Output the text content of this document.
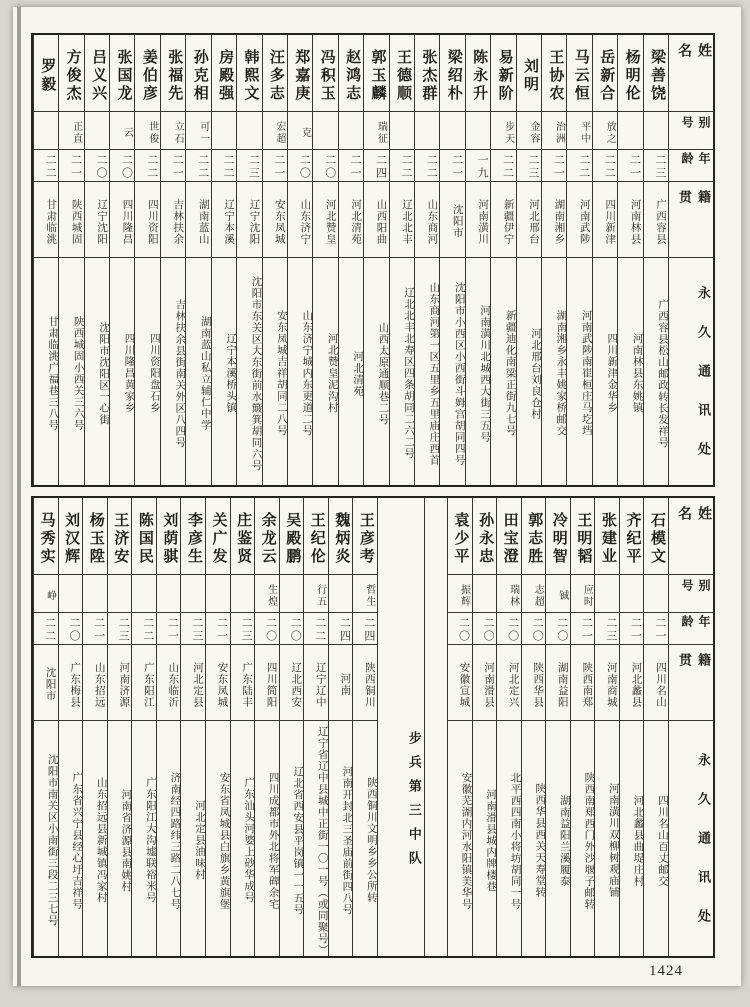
姓名
别号
年龄
籍贯
永久通讯处
梁善饶
二三
广西容县
广西容县松山邮政转长发祥号
杨明伦
二一
河南林县
河南林县东姚镇
岳新合
放之
二二
四川新津
四川新津金华乡
马云恒
平中
二二
河南武陟
河南武陟南崔桓庄马圪垱
王协农
治洲
二一
湖南湘乡
湖南湘乡永丰姚家桥邮交
刘明
金容
二三
河北邢台
河北邢台刘良仓村
易新阶
步天
二二
新疆伊宁
新疆迪化南梁正街九七号
陈永升
一九
河南潢川
河南潢川北城西大街三五号
梁绍朴
二一
沈阳市
沈阳市小西区小西街斗姆宫胡同四号
张杰群
二二
山东商河
山东商河第一区五里乡五里庙庄西首
王德顺
二二
辽北北丰
辽北北丰北寿区四条胡同二六二号
郭玉麟
瑞征
二四
山西阳曲
山西太原通顺巷二号
赵鸿志
二一
河北清苑
河北清苑
冯积玉
二〇
河北赞皇
河北赞皇泥沟村
郑嘉庚
克
二〇
山东济宁
山东济宁城内东更道二号
汪多志
宏超
二一
安东凤城
安东凤城吉祥胡同二八号
韩熙文
二三
辽宁沈阳
沈阳市东关区大东街前水簸箕胡同六号
房殿强
二二
辽宁本溪
辽宁本溪桥头镇
孙克相
可一
二二
湖南蓝山
湖南蓝山私立辅仁中学
张福先
立石
二一
吉林扶余
吉林扶余县街南关外区八四号
姜伯彦
世俊
二二
四川资阳
四川资阳盘石乡
张国龙
云
二〇
四川隆昌
四川隆昌黄家乡
吕义兴
二〇
辽宁沈阳
沈阳市沈阳区一心街
方俊杰
正直
二一
陕西城固
陕西城固小西关三六号
罗毅
二二
甘肃临洮
甘肃临洮广福巷三八号
姓名
别号
年龄
籍贯
永久通讯处
石模文
二一
四川名山
四川名山百丈邮交
齐纪平
二一
河北蠡县
河北蠡县曲堤庄村
张建业
二三
河南商城
河南潢川双柳树观庙铺
王明韬
应时
二一
陕西南郑
陕西南郑西门外沙堰子邮转
冷明智
铖
二〇
湖南益阳
湖南益阳兰溪履泰
郭志胜
志超
二〇
陕西华县
陕西华县西关天寿堂转
田宝澄
瑞林
二〇
河北定兴
北平西四南小将坊胡同一号
孙永忠
二〇
河南滑县
河南滑县城内牌楼巷
袁少平
振辉
二〇
安徽宣城
安徽芜湖内河水阳镇美华号
步兵第三中队
王彦考
哲生
二四
陕西铜川
陕西铜川文明乡乡公所转
魏炳炎
二四
河南
河南开封北三圣庙前街四八号
王纪伦
行五
二二
辽宁辽中
辽宁省辽中县城中正街一〇一号（或同聚号）
吴殿鹏
二〇
辽北西安
辽北省西安县平岗镇一一五号
余龙云
生煌
二〇
四川简阳
四川成都市外北将军碑余宅
庄鉴贤
二三
广东陆丰
广东汕头河婆上砂华成号
关广发
二一
安东凤城
安东省凤城县白旗乡黄旗堡
李彦生
二三
河北定县
河北定县油味村
刘荫骐
二一
山东临沂
济南经四路纬三路二八七号
陈国民
二二
广东阳江
广东阳江大沟墟联裕米号
王济安
二三
河南济源
河南省济源县南姚村
杨玉陞
二一
山东招远
山东招远县新城镇冯家村
刘汉辉
二〇
广东梅县
广东省兴宁县经心圩吉祥号
马秀实
峥
二二
沈阳市
沈阳市南关区小南街三段二三七号
1424
